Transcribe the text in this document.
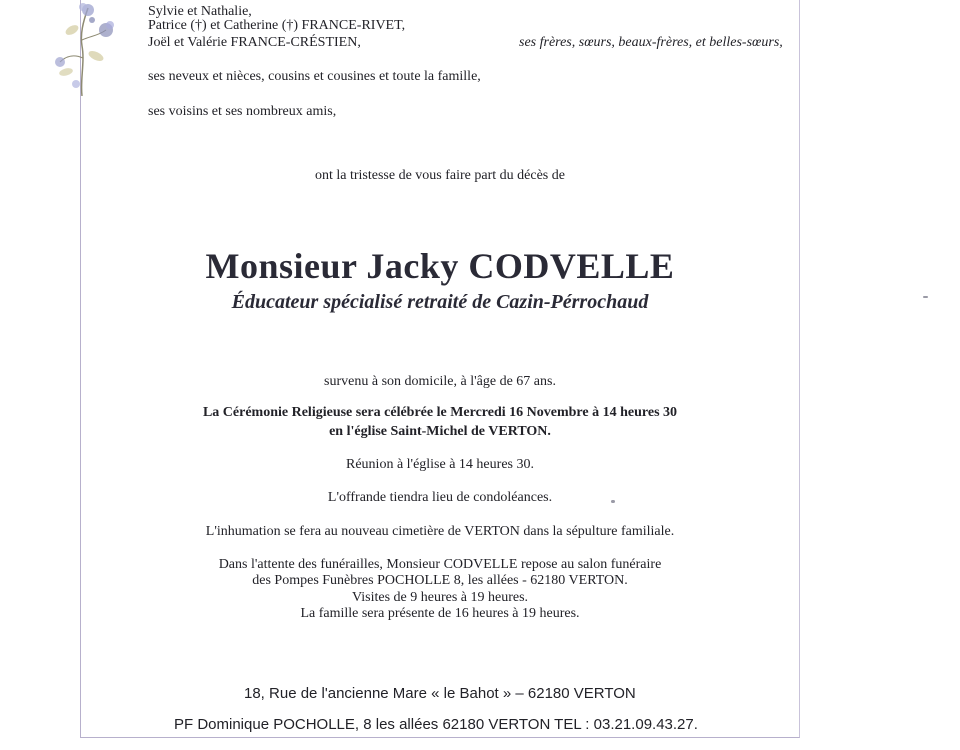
Sylvie et Nathalie,
Patrice (†) et Catherine (†) FRANCE-RIVET,
Joël et Valérie FRANCE-CRÉSTIEN,	ses frères, sœurs, beaux-frères, et belles-sœurs,
ses neveux et nièces, cousins et cousines et toute la famille,
ses voisins et ses nombreux amis,
ont la tristesse de vous faire part du décès de
Monsieur Jacky CODVELLE
Éducateur spécialisé retraité de Cazin-Pérrochaud
survenu à son domicile, à l'âge de 67 ans.
La Cérémonie Religieuse sera célébrée le Mercredi 16 Novembre à 14 heures 30
en l'église Saint-Michel de VERTON.
Réunion à l'église à 14 heures 30.
L'offrande tiendra lieu de condoléances.
L'inhumation se fera au nouveau cimetière de VERTON dans la sépulture familiale.
Dans l'attente des funérailles, Monsieur CODVELLE repose au salon funéraire
des Pompes Funèbres POCHOLLE 8, les allées - 62180 VERTON.
Visites de 9 heures à 19 heures.
La famille sera présente de 16 heures à 19 heures.
18, Rue de l'ancienne Mare « le Bahot » – 62180 VERTON
PF Dominique POCHOLLE, 8 les allées 62180 VERTON TEL : 03.21.09.43.27.
